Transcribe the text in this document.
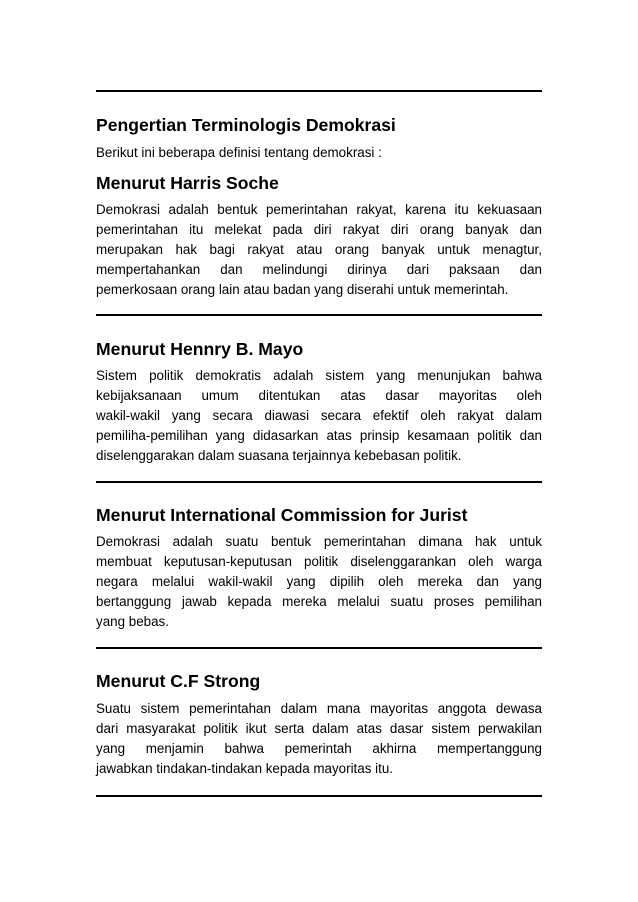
Pengertian Terminologis Demokrasi
Berikut ini beberapa definisi tentang demokrasi :
Menurut Harris Soche
Demokrasi adalah bentuk pemerintahan rakyat, karena itu kekuasaan
pemerintahan itu melekat pada diri rakyat diri orang banyak dan
merupakan hak bagi rakyat atau orang banyak untuk menagtur,
mempertahankan dan melindungi dirinya dari paksaan dan
pemerkosaan orang lain atau badan yang diserahi untuk memerintah.
Menurut Hennry B. Mayo
Sistem politik demokratis adalah sistem yang menunjukan bahwa
kebijaksanaan umum ditentukan atas dasar mayoritas oleh
wakil-wakil yang secara diawasi secara efektif oleh rakyat dalam
pemiliha-pemilihan yang didasarkan atas prinsip kesamaan politik dan
diselenggarakan dalam suasana terjainnya kebebasan politik.
Menurut International Commission for Jurist
Demokrasi adalah suatu bentuk pemerintahan dimana hak untuk
membuat keputusan-keputusan politik diselenggarankan oleh warga
negara melalui wakil-wakil yang dipilih oleh mereka dan yang
bertanggung jawab kepada mereka melalui suatu proses pemilihan
yang bebas.
Menurut C.F Strong
Suatu sistem pemerintahan dalam mana mayoritas anggota dewasa
dari masyarakat politik ikut serta dalam atas dasar sistem perwakilan
yang menjamin bahwa pemerintah akhirna mempertanggung
jawabkan tindakan-tindakan kepada mayoritas itu.
